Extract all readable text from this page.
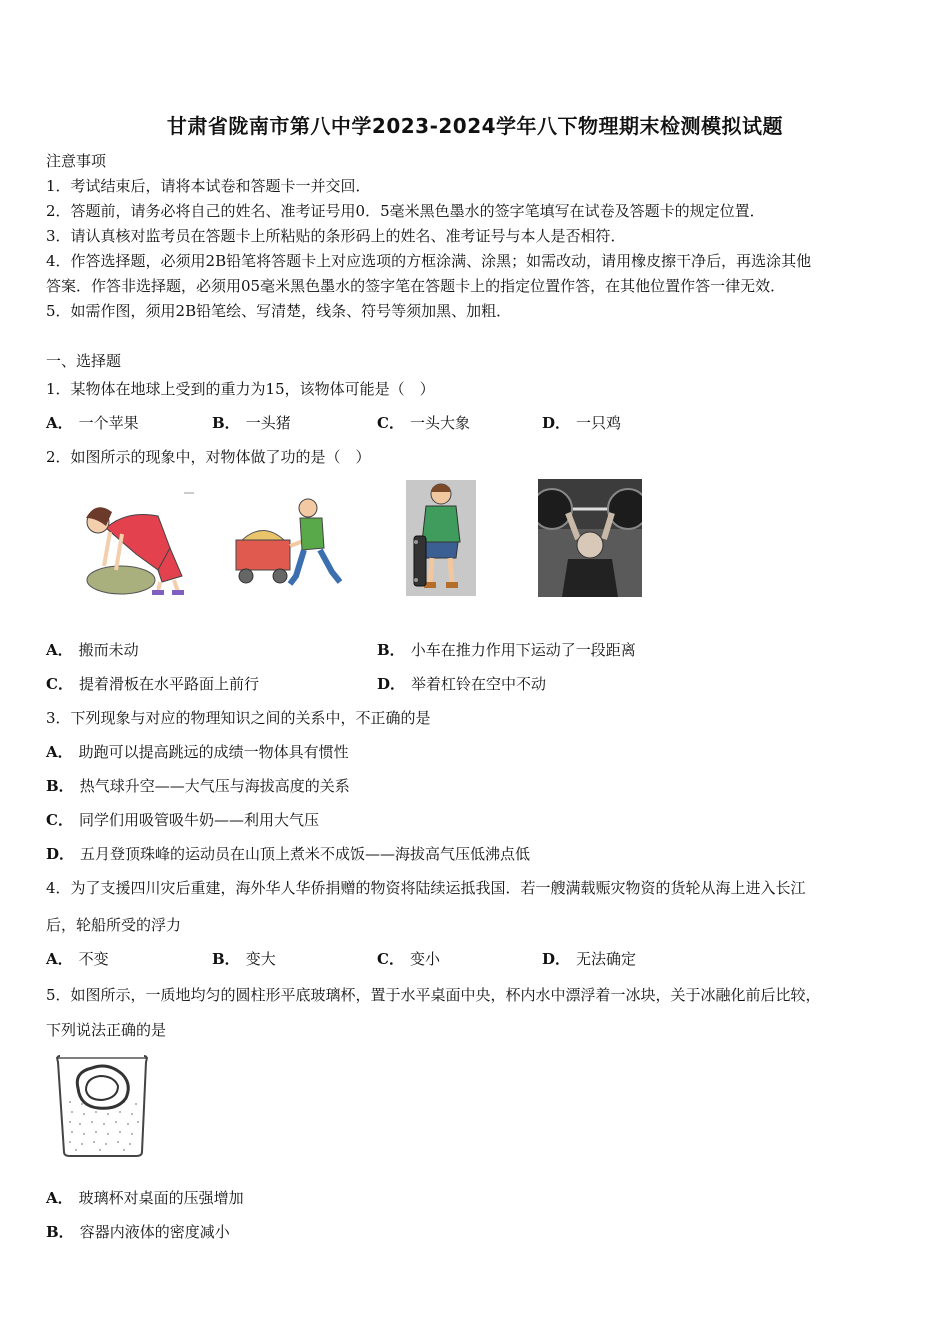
甘肃省陇南市第八中学2023-2024学年八下物理期末检测模拟试题
注意事项
1．考试结束后，请将本试卷和答题卡一并交回．
2．答题前，请务必将自己的姓名、准考证号用0．5毫米黑色墨水的签字笔填写在试卷及答题卡的规定位置．
3．请认真核对监考员在答题卡上所粘贴的条形码上的姓名、准考证号与本人是否相符．
4．作答选择题，必须用2B铅笔将答题卡上对应选项的方框涂满、涂黑；如需改动，请用橡皮擦干净后，再选涂其他
答案．作答非选择题，必须用05毫米黑色墨水的签字笔在答题卡上的指定位置作答，在其他位置作答一律无效．
5．如需作图，须用2B铅笔绘、写清楚，线条、符号等须加黑、加粗．
一、选择题
1．某物体在地球上受到的重力为15，该物体可能是（　）
A． 一个苹果	B． 一头猪	C． 一头大象	D． 一只鸡
2．如图所示的现象中，对物体做了功的是（　）
A． 搬而未动	B． 小车在推力作用下运动了一段距离
C． 提着滑板在水平路面上前行	D． 举着杠铃在空中不动
3．下列现象与对应的物理知识之间的关系中，不正确的是
A． 助跑可以提高跳远的成绩一物体具有惯性
B． 热气球升空——大气压与海拔高度的关系
C． 同学们用吸管吸牛奶——利用大气压
D． 五月登顶珠峰的运动员在山顶上煮米不成饭——海拔高气压低沸点低
4．为了支援四川灾后重建，海外华人华侨捐赠的物资将陆续运抵我国．若一艘满载赈灾物资的货轮从海上进入长江
后，轮船所受的浮力
A． 不变	B． 变大	C． 变小	D． 无法确定
5．如图所示，一质地均匀的圆柱形平底玻璃杯，置于水平桌面中央，杯内水中漂浮着一冰块，关于冰融化前后比较，
下列说法正确的是
A． 玻璃杯对桌面的压强增加
B． 容器内液体的密度减小
